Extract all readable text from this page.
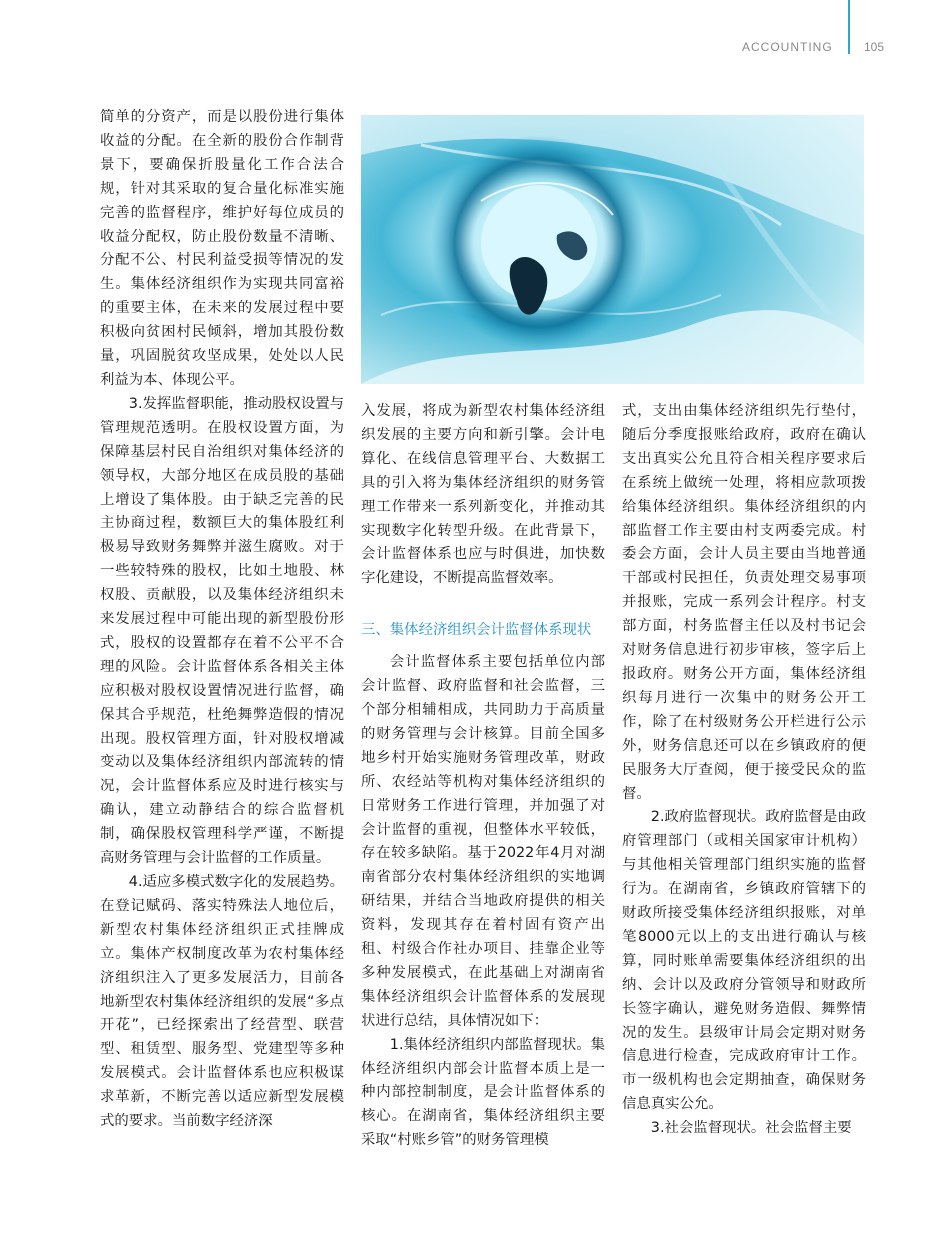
ACCOUNTING	105

简单的分资产，而是以股份进行集体收益的分配。在全新的股份合作制背景下，要确保折股量化工作合法合规，针对其采取的复合量化标准实施完善的监督程序，维护好每位成员的收益分配权，防止股份数量不清晰、分配不公、村民利益受损等情况的发生。集体经济组织作为实现共同富裕的重要主体，在未来的发展过程中要积极向贫困村民倾斜，增加其股份数量，巩固脱贫攻坚成果，处处以人民利益为本、体现公平。

3.发挥监督职能，推动股权设置与管理规范透明。在股权设置方面，为保障基层村民自治组织对集体经济的领导权，大部分地区在成员股的基础上增设了集体股。由于缺乏完善的民主协商过程，数额巨大的集体股红利极易导致财务舞弊并滋生腐败。对于一些较特殊的股权，比如土地股、林权股、贡献股，以及集体经济组织未来发展过程中可能出现的新型股份形式，股权的设置都存在着不公平不合理的风险。会计监督体系各相关主体应积极对股权设置情况进行监督，确保其合乎规范，杜绝舞弊造假的情况出现。股权管理方面，针对股权增减变动以及集体经济组织内部流转的情况，会计监督体系应及时进行核实与确认，建立动静结合的综合监督机制，确保股权管理科学严谨，不断提高财务管理与会计监督的工作质量。

4.适应多模式数字化的发展趋势。在登记赋码、落实特殊法人地位后，新型农村集体经济组织正式挂牌成立。集体产权制度改革为农村集体经济组织注入了更多发展活力，目前各地新型农村集体经济组织的发展“多点开花”，已经探索出了经营型、联营型、租赁型、服务型、党建型等多种发展模式。会计监督体系也应积极谋求革新，不断完善以适应新型发展模式的要求。当前数字经济深

入发展，将成为新型农村集体经济组织发展的主要方向和新引擎。会计电算化、在线信息管理平台、大数据工具的引入将为集体经济组织的财务管理工作带来一系列新变化，并推动其实现数字化转型升级。在此背景下，会计监督体系也应与时俱进，加快数字化建设，不断提高监督效率。

三、集体经济组织会计监督体系现状

会计监督体系主要包括单位内部会计监督、政府监督和社会监督，三个部分相辅相成，共同助力于高质量的财务管理与会计核算。目前全国多地乡村开始实施财务管理改革，财政所、农经站等机构对集体经济组织的日常财务工作进行管理，并加强了对会计监督的重视，但整体水平较低，存在较多缺陷。基于2022年4月对湖南省部分农村集体经济组织的实地调研结果，并结合当地政府提供的相关资料，发现其存在着村固有资产出租、村级合作社办项目、挂靠企业等多种发展模式，在此基础上对湖南省集体经济组织会计监督体系的发展现状进行总结，具体情况如下：

1.集体经济组织内部监督现状。集体经济组织内部会计监督本质上是一种内部控制制度，是会计监督体系的核心。在湖南省，集体经济组织主要采取“村账乡管”的财务管理模

式，支出由集体经济组织先行垫付，随后分季度报账给政府，政府在确认支出真实公允且符合相关程序要求后在系统上做统一处理，将相应款项拨给集体经济组织。集体经济组织的内部监督工作主要由村支两委完成。村委会方面，会计人员主要由当地普通干部或村民担任，负责处理交易事项并报账，完成一系列会计程序。村支部方面，村务监督主任以及村书记会对财务信息进行初步审核，签字后上报政府。财务公开方面，集体经济组织每月进行一次集中的财务公开工作，除了在村级财务公开栏进行公示外，财务信息还可以在乡镇政府的便民服务大厅查阅，便于接受民众的监督。

2.政府监督现状。政府监督是由政府管理部门（或相关国家审计机构）与其他相关管理部门组织实施的监督行为。在湖南省，乡镇政府管辖下的财政所接受集体经济组织报账，对单笔8000元以上的支出进行确认与核算，同时账单需要集体经济组织的出纳、会计以及政府分管领导和财政所长签字确认，避免财务造假、舞弊情况的发生。县级审计局会定期对财务信息进行检查，完成政府审计工作。市一级机构也会定期抽查，确保财务信息真实公允。

3.社会监督现状。社会监督主要
